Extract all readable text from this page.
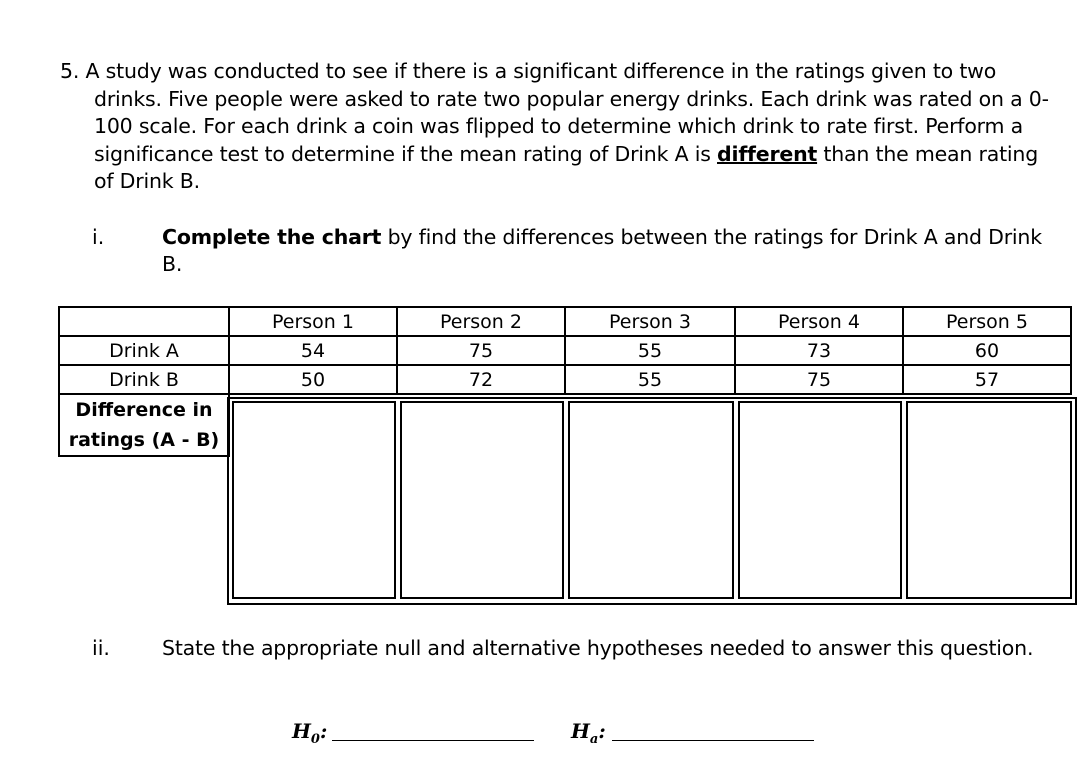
5. A study was conducted to see if there is a significant difference in the ratings given to two drinks. Five people were asked to rate two popular energy drinks. Each drink was rated on a 0-100 scale. For each drink a coin was flipped to determine which drink to rate first. Perform a significance test to determine if the mean rating of Drink A is different than the mean rating of Drink B.

i.	Complete the chart by find the differences between the ratings for Drink A and Drink B.
	Person 1	Person 2	Person 3	Person 4	Person 5
Drink A	54	75	55	73	60
Drink B	50	72	55	75	57
Difference in
ratings (A - B)					
ii.	State the appropriate null and alternative hypotheses needed to answer this question.
$H_0$:	$H_a$:
